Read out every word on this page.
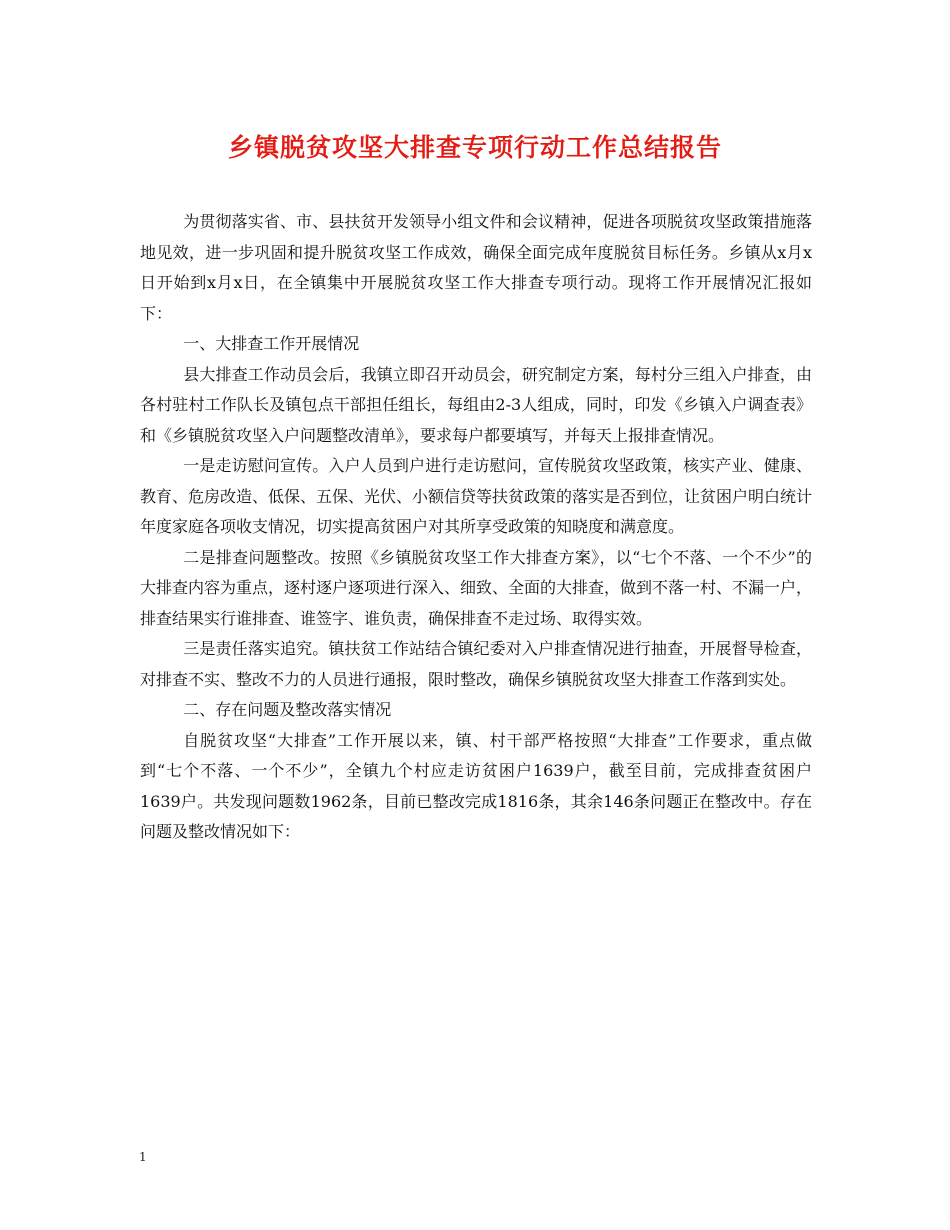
乡镇脱贫攻坚大排查专项行动工作总结报告

为贯彻落实省、市、县扶贫开发领导小组文件和会议精神，促进各项脱贫攻坚政策措施落地见效，进一步巩固和提升脱贫攻坚工作成效，确保全面完成年度脱贫目标任务。乡镇从x月x日开始到x月x日，在全镇集中开展脱贫攻坚工作大排查专项行动。现将工作开展情况汇报如下：

一、大排查工作开展情况

县大排查工作动员会后，我镇立即召开动员会，研究制定方案，每村分三组入户排查，由各村驻村工作队长及镇包点干部担任组长，每组由2-3人组成，同时，印发《乡镇入户调查表》和《乡镇脱贫攻坚入户问题整改清单》，要求每户都要填写，并每天上报排查情况。

一是走访慰问宣传。入户人员到户进行走访慰问，宣传脱贫攻坚政策，核实产业、健康、教育、危房改造、低保、五保、光伏、小额信贷等扶贫政策的落实是否到位，让贫困户明白统计年度家庭各项收支情况，切实提高贫困户对其所享受政策的知晓度和满意度。

二是排查问题整改。按照《乡镇脱贫攻坚工作大排查方案》，以“七个不落、一个不少”的大排查内容为重点，逐村逐户逐项进行深入、细致、全面的大排查，做到不落一村、不漏一户，排查结果实行谁排查、谁签字、谁负责，确保排查不走过场、取得实效。

三是责任落实追究。镇扶贫工作站结合镇纪委对入户排查情况进行抽查，开展督导检查，对排查不实、整改不力的人员进行通报，限时整改，确保乡镇脱贫攻坚大排查工作落到实处。

二、存在问题及整改落实情况

自脱贫攻坚“大排查”工作开展以来，镇、村干部严格按照“大排查”工作要求，重点做到“七个不落、一个不少”，全镇九个村应走访贫困户1639户，截至目前，完成排查贫困户1639户。共发现问题数1962条，目前已整改完成1816条，其余146条问题正在整改中。存在问题及整改情况如下：

1
